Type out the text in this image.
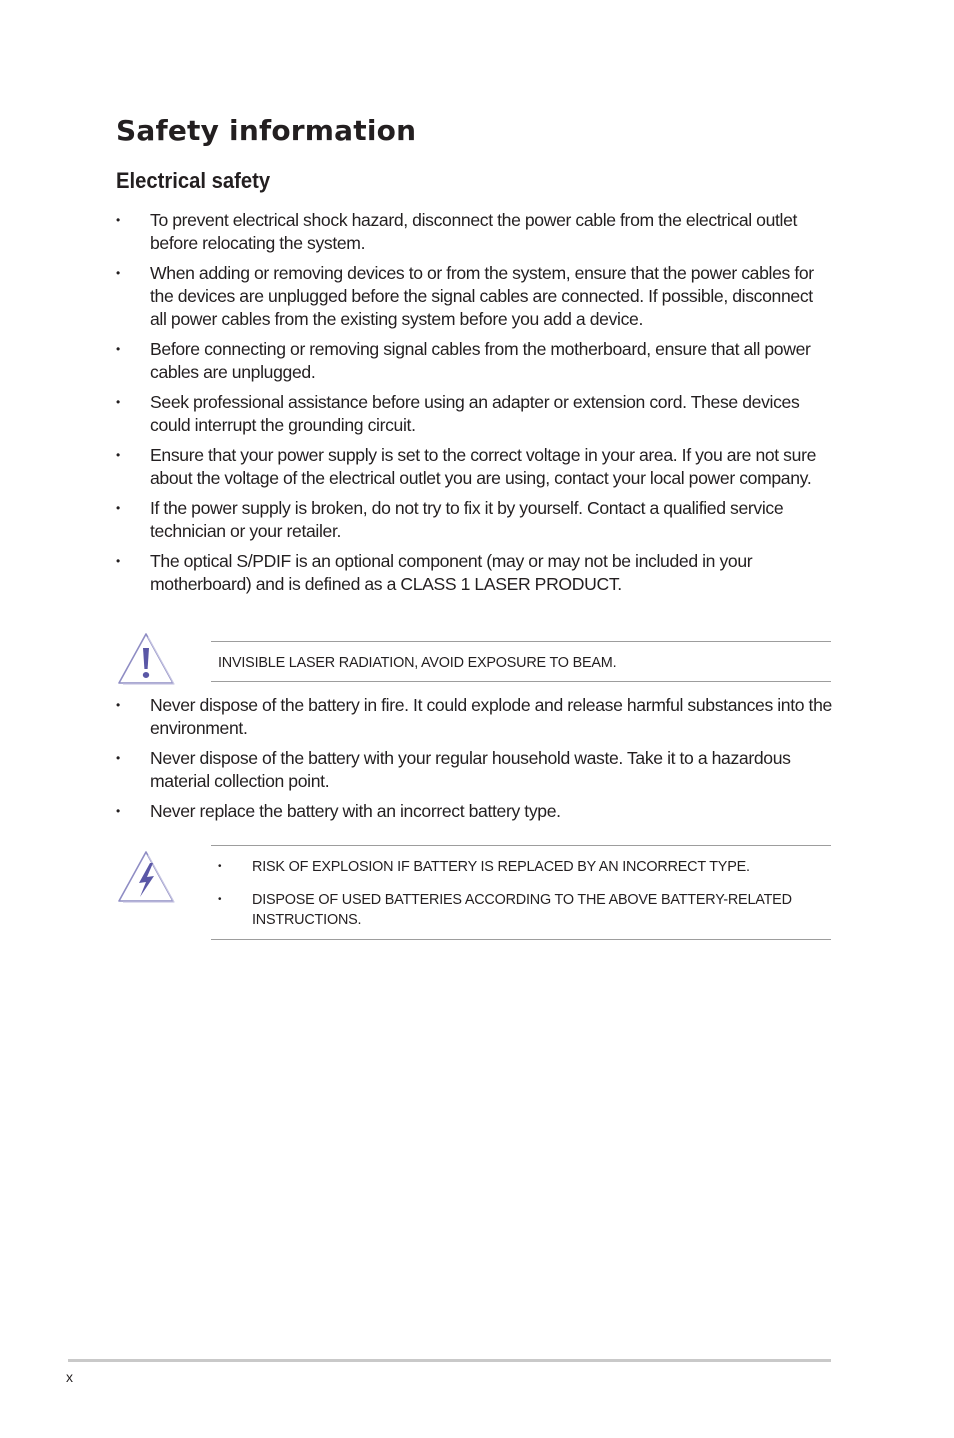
Safety information
Electrical safety
• To prevent electrical shock hazard, disconnect the power cable from the electrical outlet before relocating the system.
• When adding or removing devices to or from the system, ensure that the power cables for the devices are unplugged before the signal cables are connected. If possible, disconnect all power cables from the existing system before you add a device.
• Before connecting or removing signal cables from the motherboard, ensure that all power cables are unplugged.
• Seek professional assistance before using an adapter or extension cord. These devices could interrupt the grounding circuit.
• Ensure that your power supply is set to the correct voltage in your area. If you are not sure about the voltage of the electrical outlet you are using, contact your local power company.
• If the power supply is broken, do not try to fix it by yourself. Contact a qualified service technician or your retailer.
• The optical S/PDIF is an optional component (may or may not be included in your motherboard) and is defined as a CLASS 1 LASER PRODUCT.

INVISIBLE LASER RADIATION, AVOID EXPOSURE TO BEAM.

• Never dispose of the battery in fire. It could explode and release harmful substances into the environment.
• Never dispose of the battery with your regular household waste. Take it to a hazardous material collection point.
• Never replace the battery with an incorrect battery type.
• RISK OF EXPLOSION IF BATTERY IS REPLACED BY AN INCORRECT TYPE.
• DISPOSE OF USED BATTERIES ACCORDING TO THE ABOVE BATTERY-RELATED INSTRUCTIONS.
x
